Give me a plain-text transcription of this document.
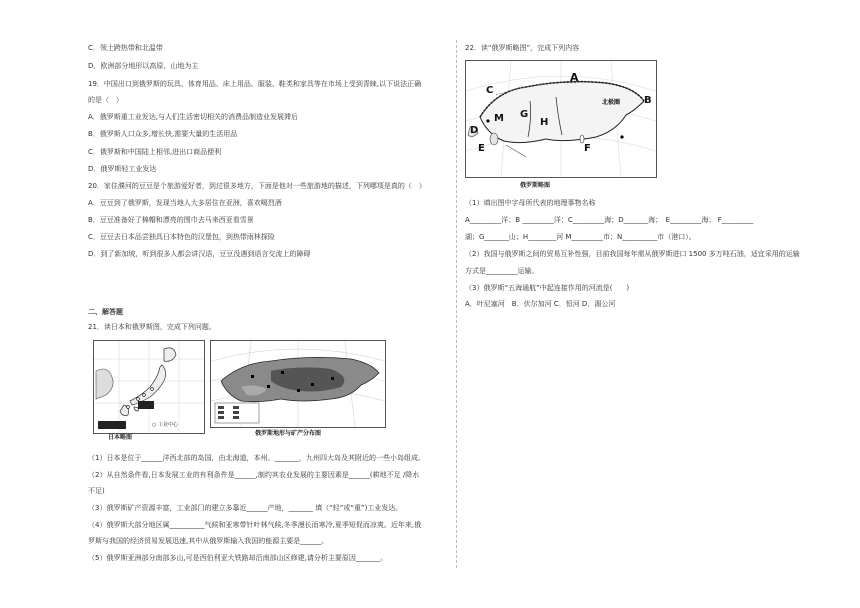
C．领土跨热带和北温带
D．欧洲部分地形以高原、山地为主
19．中国出口到俄罗斯的玩具、体育用品、床上用品、服装、鞋类和家具等在市场上受到青睐,以下说法正确
的是（　）
A．俄罗斯重工业发达,与人们生活密切相关的消费品制造业发展滞后
B．俄罗斯人口众多,增长快,需要大量的生活用品
C．俄罗斯和中国陆上相邻,进出口商品便利
D．俄罗斯轻工业发达
20．家住濮河的豆豆是个旅游爱好者，到过很多地方，下面是他对一些旅游地的描述，下列哪项是真的（　）
A．豆豆到了俄罗斯，发现当地人大多居住在亚洲，喜欢喝烈酒
B．豆豆准备好了棉帽和漂亮的围巾去马来西亚看雪景
C．豆豆去日本品尝独具日本特色的汉堡包，到热带雨林探险
D．到了新加坡，听到很多人都会讲汉语，豆豆没遇到语言交流上的障碍
二、解答题
21．读日本和俄罗斯图，完成下列问题。
○ 工业中心
日本略图
俄罗斯地形与矿产分布图
（1）日本是位于______洋西北部的岛国，由北海道，本州、_______，九州四大岛及其附近的一些小岛组成。
（2）从自然条件看,日本发展工业的有利条件是______,制约其农业发展的主要因素是______(耕地不足 /降水
不足)
（3）俄罗斯矿产资源丰富，工业部门的建立多靠近______产地，_______ 填（“轻”或“重”)工业发达。
（4）俄罗斯大部分地区属__________气候和亚寒带针叶林气候,冬季漫长而寒冷,夏季短促而凉爽。近年来,俄
罗斯与我国的经济贸易发展迅速,其中从俄罗斯输入我国的能源主要是______。
（5）俄罗斯亚洲部分南部多山,可是西伯利亚大铁路却沿南部山区修建,请分析主要原因_______。
22．读“俄罗斯略图”，完成下列内容
A
B
C
D
E	F
G
H
M
北极圈
俄罗斯略图
（1）填出图中字母所代表的地理事物名称
A_________洋；B _________洋；C_________海；D_______海；　E_________海； F_________
湖；G_______山；H________河 M_________市；N__________市（港口）。
（2）我国与俄罗斯之间的贸易互补性强，目前我国每年需从俄罗斯进口 1500 多万吨石油，适宜采用的运输
方式是_________运输。
（3）俄罗斯“五海通航”中起连接作用的河流是(　　)
A．叶尼塞河　B．伏尔加河 C．恒河 D．湄公河
